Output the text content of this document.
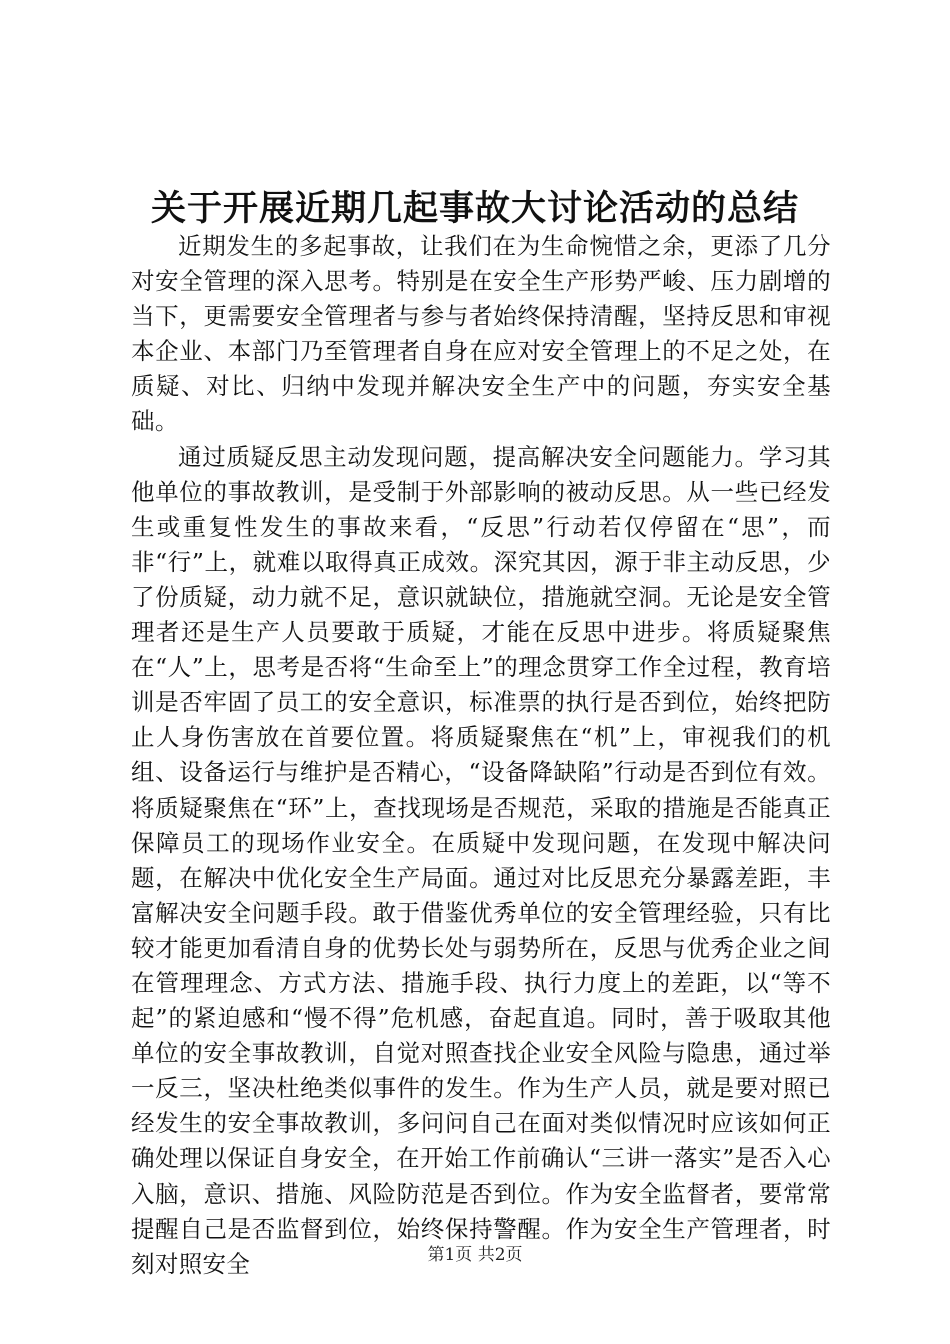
关于开展近期几起事故大讨论活动的总结

近期发生的多起事故，让我们在为生命惋惜之余，更添了几分对安全管理的深入思考。特别是在安全生产形势严峻、压力剧增的当下，更需要安全管理者与参与者始终保持清醒，坚持反思和审视本企业、本部门乃至管理者自身在应对安全管理上的不足之处，在质疑、对比、归纳中发现并解决安全生产中的问题，夯实安全基础。

通过质疑反思主动发现问题，提高解决安全问题能力。学习其他单位的事故教训，是受制于外部影响的被动反思。从一些已经发生或重复性发生的事故来看，“反思”行动若仅停留在“思”，而非“行”上，就难以取得真正成效。深究其因，源于非主动反思，少了份质疑，动力就不足，意识就缺位，措施就空洞。无论是安全管理者还是生产人员要敢于质疑，才能在反思中进步。将质疑聚焦在“人”上，思考是否将“生命至上”的理念贯穿工作全过程，教育培训是否牢固了员工的安全意识，标准票的执行是否到位，始终把防止人身伤害放在首要位置。将质疑聚焦在“机”上，审视我们的机组、设备运行与维护是否精心，“设备降缺陷”行动是否到位有效。将质疑聚焦在“环”上，查找现场是否规范，采取的措施是否能真正保障员工的现场作业安全。在质疑中发现问题，在发现中解决问题，在解决中优化安全生产局面。通过对比反思充分暴露差距，丰富解决安全问题手段。敢于借鉴优秀单位的安全管理经验，只有比较才能更加看清自身的优势长处与弱势所在，反思与优秀企业之间在管理理念、方式方法、措施手段、执行力度上的差距，以“等不起”的紧迫感和“慢不得”危机感，奋起直追。同时，善于吸取其他单位的安全事故教训，自觉对照查找企业安全风险与隐患，通过举一反三，坚决杜绝类似事件的发生。作为生产人员，就是要对照已经发生的安全事故教训，多问问自己在面对类似情况时应该如何正确处理以保证自身安全，在开始工作前确认“三讲一落实”是否入心入脑，意识、措施、风险防范是否到位。作为安全监督者，要常常提醒自己是否监督到位，始终保持警醒。作为安全生产管理者，时刻对照安全	第1页 共2页
